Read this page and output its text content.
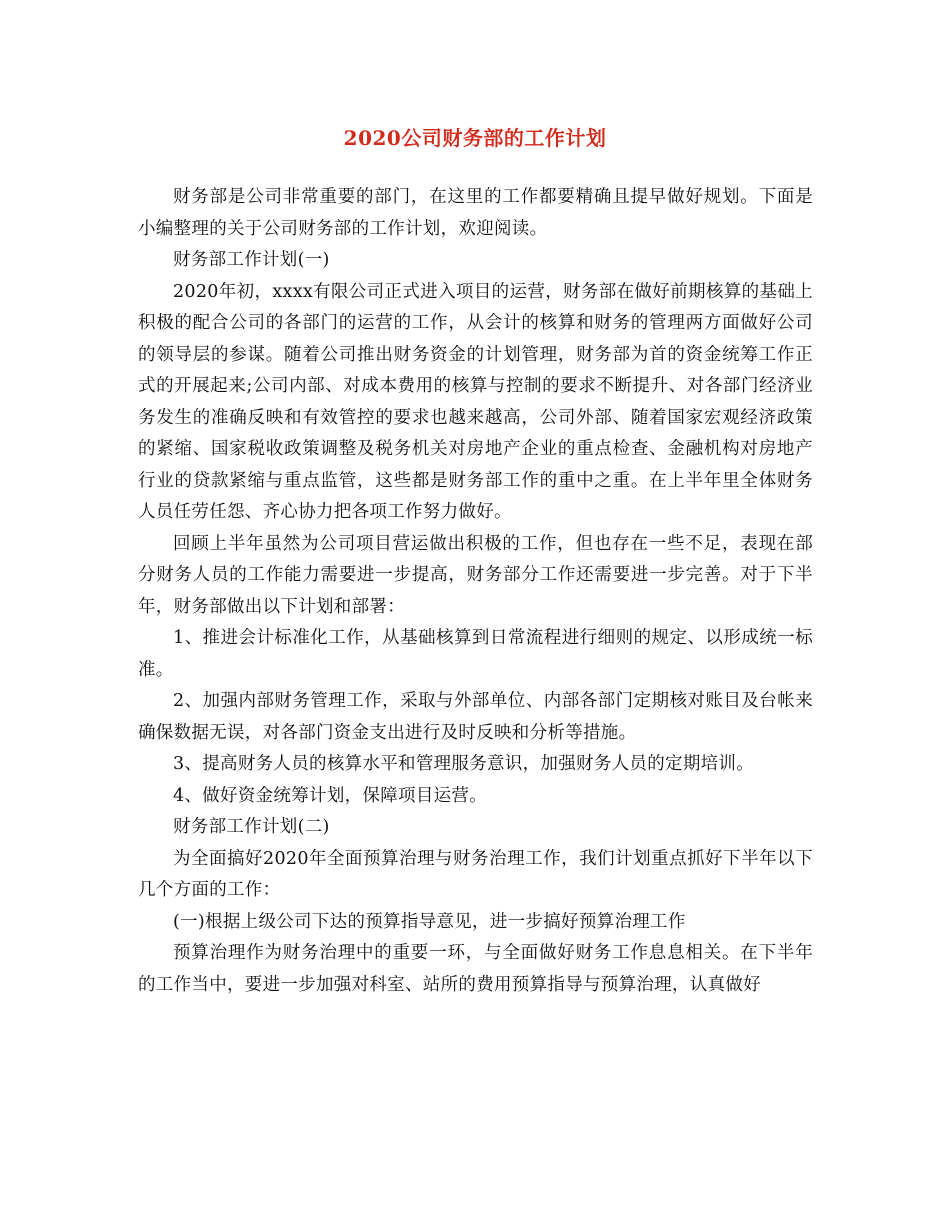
2020公司财务部的工作计划

财务部是公司非常重要的部门，在这里的工作都要精确且提早做好规划。下面是小编整理的关于公司财务部的工作计划，欢迎阅读。

财务部工作计划(一)

2020年初，xxxx有限公司正式进入项目的运营，财务部在做好前期核算的基础上积极的配合公司的各部门的运营的工作，从会计的核算和财务的管理两方面做好公司的领导层的参谋。随着公司推出财务资金的计划管理，财务部为首的资金统筹工作正式的开展起来;公司内部、对成本费用的核算与控制的要求不断提升、对各部门经济业务发生的准确反映和有效管控的要求也越来越高，公司外部、随着国家宏观经济政策的紧缩、国家税收政策调整及税务机关对房地产企业的重点检查、金融机构对房地产行业的贷款紧缩与重点监管，这些都是财务部工作的重中之重。在上半年里全体财务人员任劳任怨、齐心协力把各项工作努力做好。

回顾上半年虽然为公司项目营运做出积极的工作，但也存在一些不足，表现在部分财务人员的工作能力需要进一步提高，财务部分工作还需要进一步完善。对于下半年，财务部做出以下计划和部署：

1、推进会计标准化工作，从基础核算到日常流程进行细则的规定、以形成统一标准。

2、加强内部财务管理工作，采取与外部单位、内部各部门定期核对账目及台帐来确保数据无误，对各部门资金支出进行及时反映和分析等措施。

3、提高财务人员的核算水平和管理服务意识，加强财务人员的定期培训。

4、做好资金统筹计划，保障项目运营。

财务部工作计划(二)

为全面搞好2020年全面预算治理与财务治理工作，我们计划重点抓好下半年以下几个方面的工作：

(一)根据上级公司下达的预算指导意见，进一步搞好预算治理工作

预算治理作为财务治理中的重要一环，与全面做好财务工作息息相关。在下半年的工作当中，要进一步加强对科室、站所的费用预算指导与预算治理，认真做好
